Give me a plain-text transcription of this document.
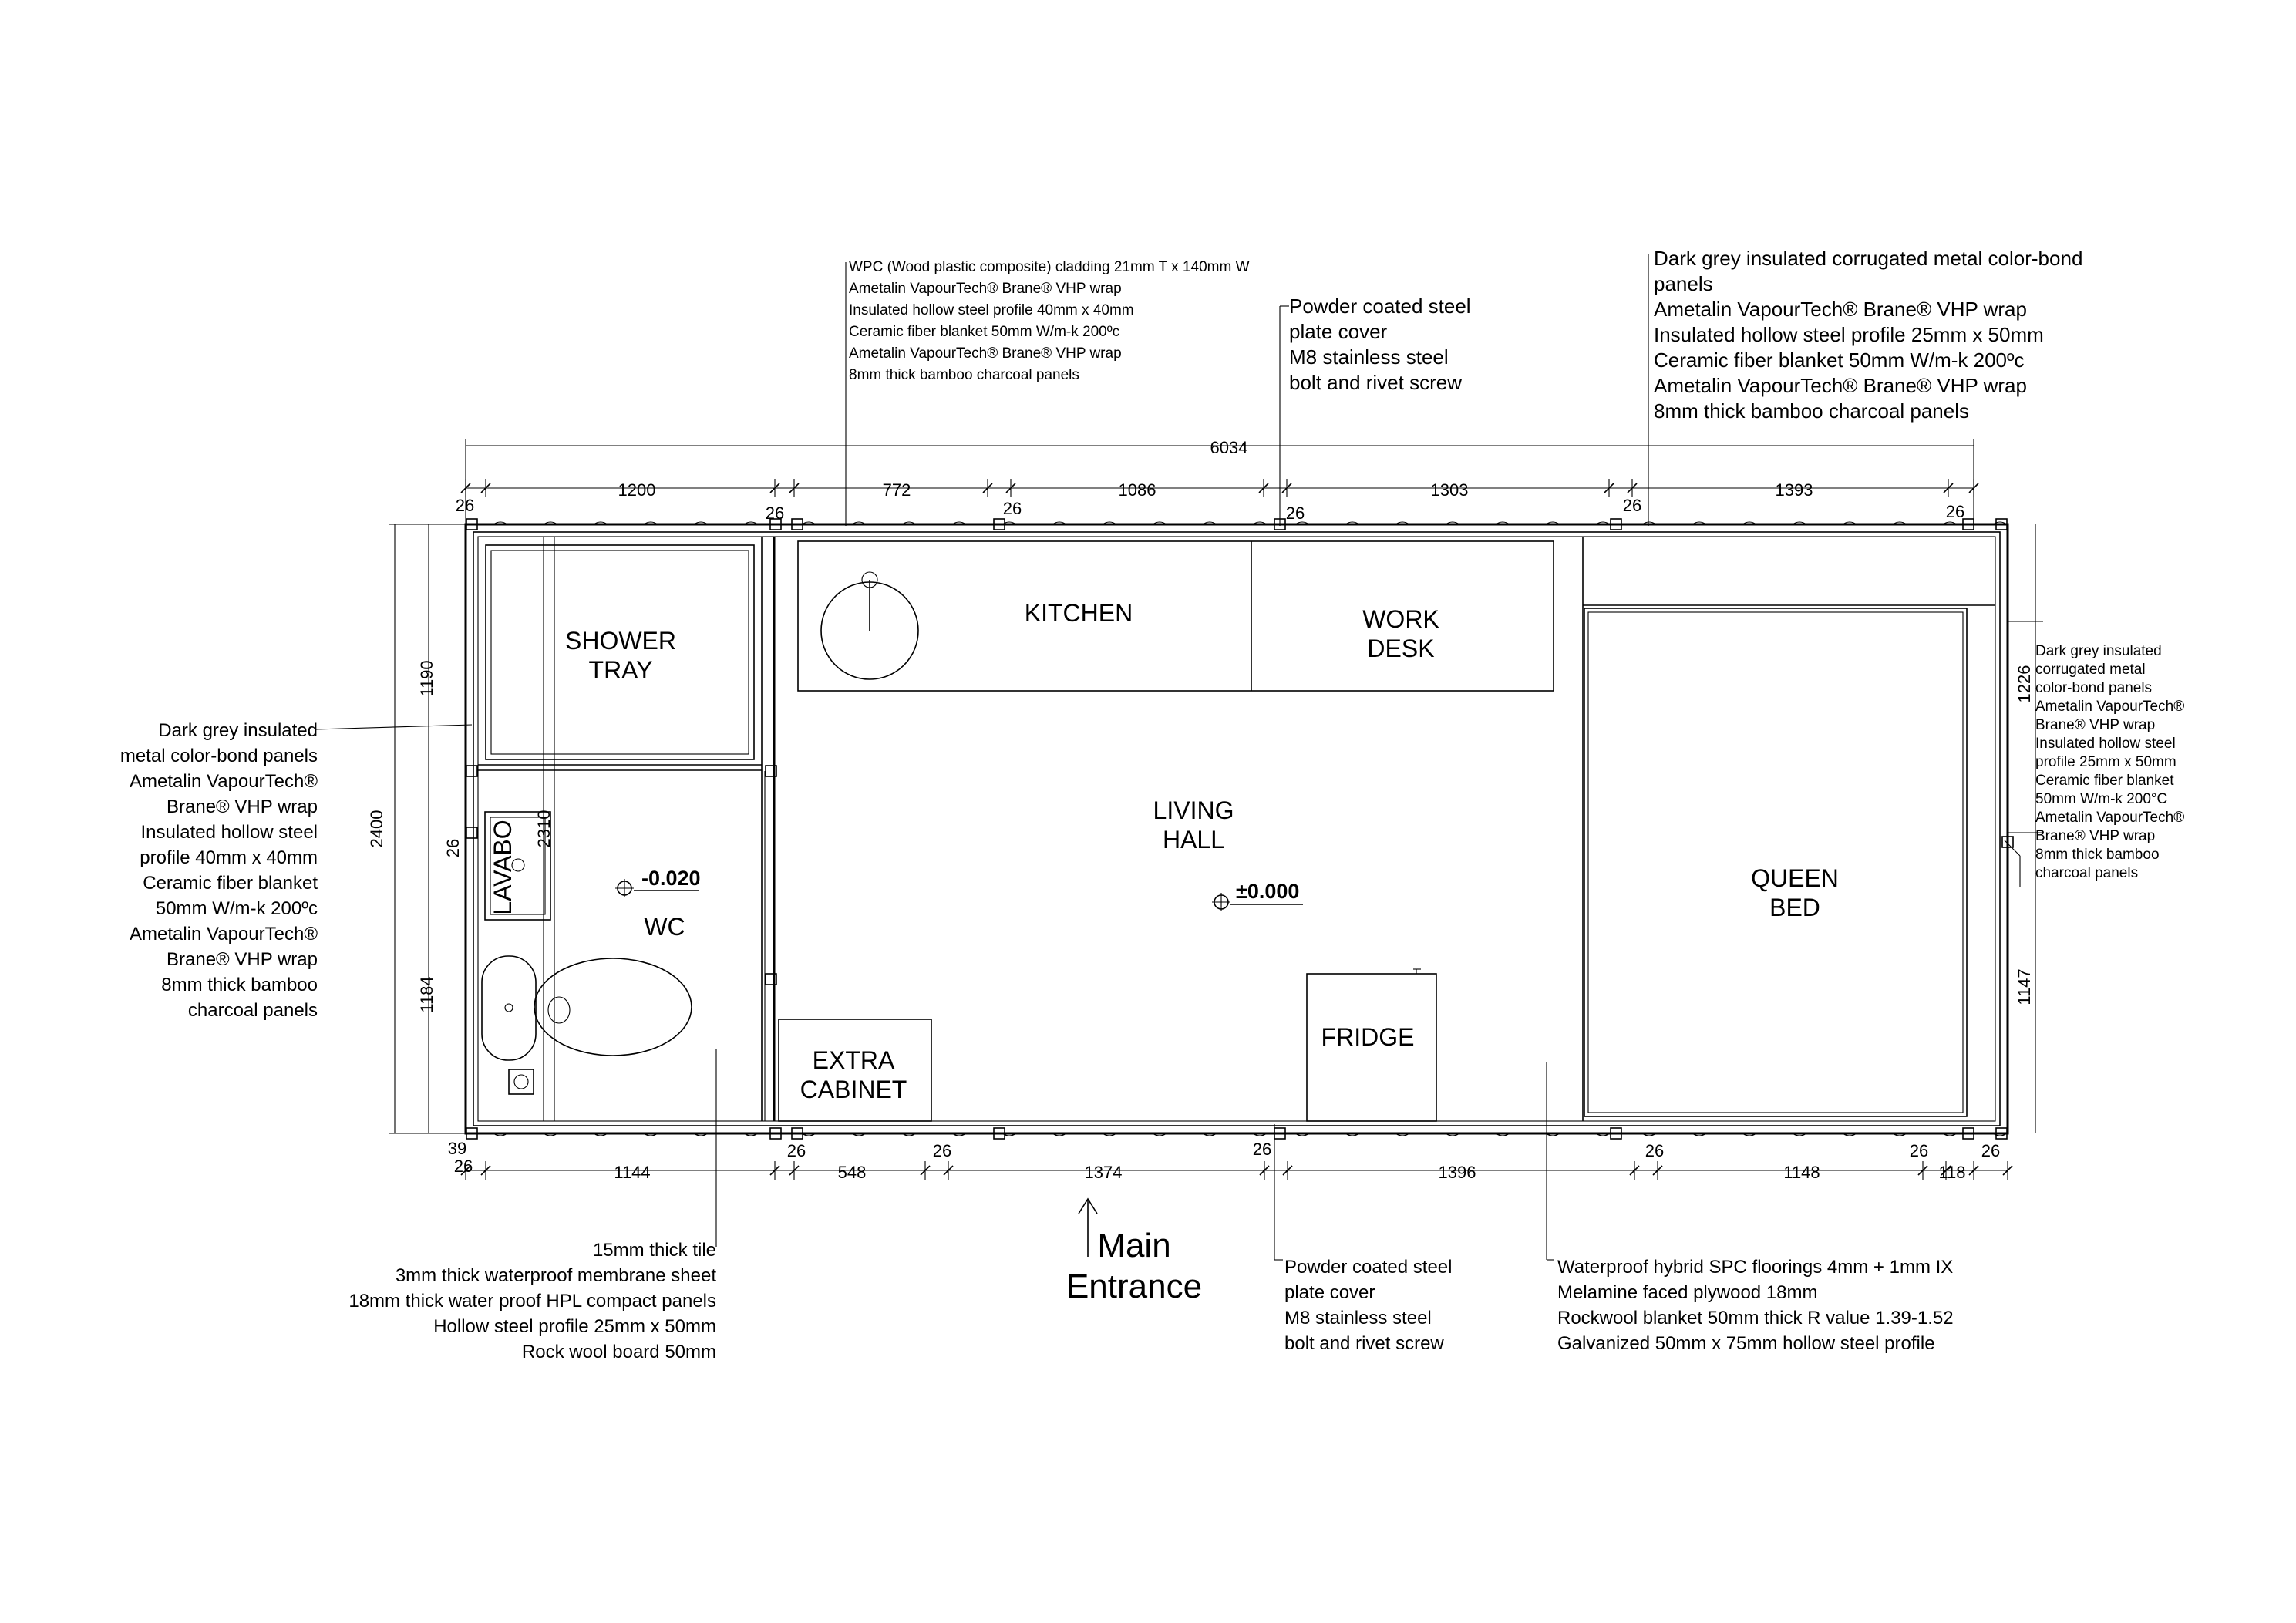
SHOWER
TRAY
LAVABO
WC
-0.020
KITCHEN	WORK
DESK
LIVING
HALL
±0.000
EXTRA
CABINET
FRIDGE
QUEEN
BED
6034
26
1200
26
772
26
1086
26
1303
26
1393
26
39
26	1144
26
548
26
1374
26
1396
26
1148
26
118
26
2400
1190
26
1184
2310
1226
1147
Main
Entrance
WPC (Wood plastic composite) cladding 21mm T x 140mm W
Ametalin VapourTech® Brane® VHP wrap
Insulated hollow steel profile 40mm x 40mm
Ceramic fiber blanket 50mm W/m-k 200ºc
Ametalin VapourTech® Brane® VHP wrap
8mm thick bamboo charcoal panels
Powder coated steel
plate cover
M8 stainless steel
bolt and rivet screw
Dark grey insulated corrugated metal color-bond
panels
Ametalin VapourTech® Brane® VHP wrap
Insulated hollow steel profile 25mm x 50mm
Ceramic fiber blanket 50mm W/m-k 200ºc
Ametalin VapourTech® Brane® VHP wrap
8mm thick bamboo charcoal panels
Dark grey insulated
metal color-bond panels
Ametalin VapourTech®
Brane® VHP wrap
Insulated hollow steel
profile 40mm x 40mm
Ceramic fiber blanket
50mm W/m-k 200ºc
Ametalin VapourTech®
Brane® VHP wrap
8mm thick bamboo
charcoal panels
Dark grey insulated
corrugated metal
color-bond panels
Ametalin VapourTech®
Brane® VHP wrap
Insulated hollow steel
profile 25mm x 50mm
Ceramic fiber blanket
50mm W/m-k 200°C
Ametalin VapourTech®
Brane® VHP wrap
8mm thick bamboo
charcoal panels
15mm thick tile
3mm thick waterproof membrane sheet
18mm thick water proof HPL compact panels
Hollow steel profile 25mm x 50mm
Rock wool board 50mm
Powder coated steel
plate cover
M8 stainless steel
bolt and rivet screw
Waterproof hybrid SPC floorings 4mm + 1mm IX
Melamine faced plywood 18mm
Rockwool blanket 50mm thick R value 1.39-1.52
Galvanized 50mm x 75mm hollow steel profile
